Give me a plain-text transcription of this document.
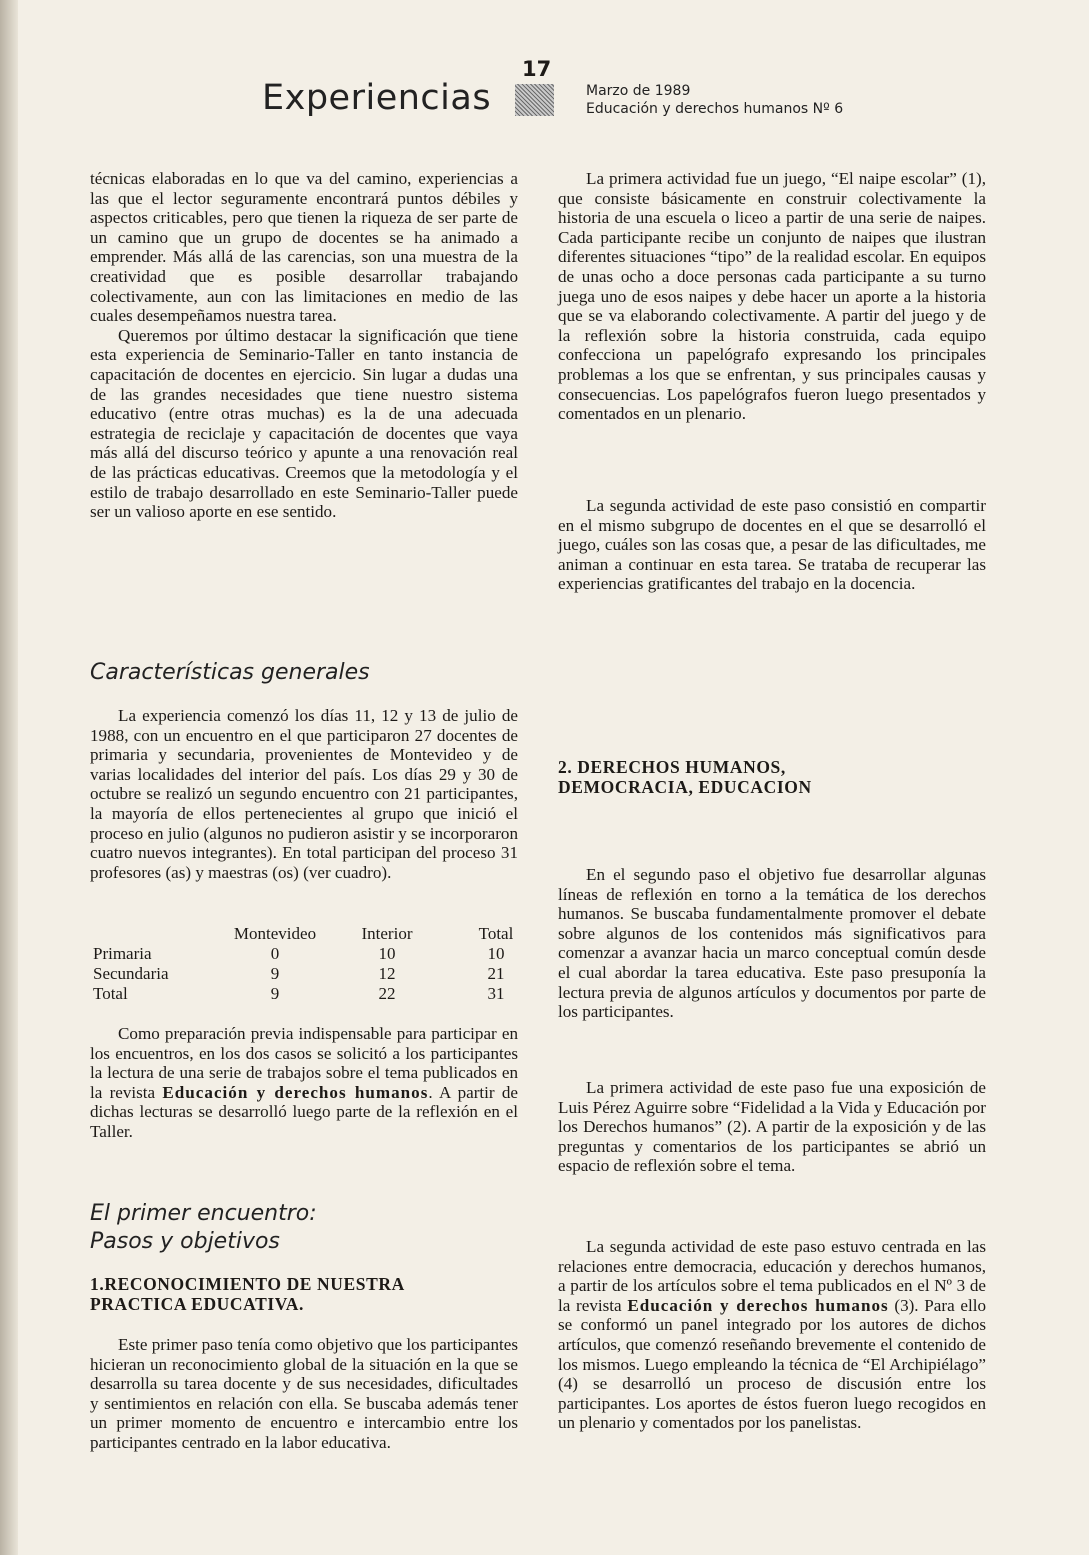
Experiencias
17
Marzo de 1989
Educación y derechos humanos Nº 6

técnicas elaboradas en lo que va del camino, experiencias a las que el lector seguramente encontrará puntos débiles y aspectos criticables, pero que tienen la riqueza de ser parte de un camino que un grupo de docentes se ha animado a emprender. Más allá de las carencias, son una muestra de la creatividad que es posible desarrollar trabajando colectivamente, aun con las limitaciones en medio de las cuales desempeñamos nuestra tarea.

Queremos por último destacar la significación que tiene esta experiencia de Seminario-Taller en tanto instancia de capacitación de docentes en ejercicio. Sin lugar a dudas una de las grandes necesidades que tiene nuestro sistema educativo (entre otras muchas) es la de una adecuada estrategia de reciclaje y capacitación de docentes que vaya más allá del discurso teórico y apunte a una renovación real de las prácticas educativas. Creemos que la metodología y el estilo de trabajo desarrollado en este Seminario-Taller puede ser un valioso aporte en ese sentido.

Características generales

La experiencia comenzó los días 11, 12 y 13 de julio de 1988, con un encuentro en el que participaron 27 docentes de primaria y secundaria, provenientes de Montevideo y de varias localidades del interior del país. Los días 29 y 30 de octubre se realizó un segundo encuentro con 21 participantes, la mayoría de ellos pertenecientes al grupo que inició el proceso en julio (algunos no pudieron asistir y se incorporaron cuatro nuevos integrantes). En total participan del proceso 31 profesores (as) y maestras (os) (ver cuadro).

	Montevideo	Interior	Total
Primaria	0	10	10
Secundaria	9	12	21
Total	9	22	31

Como preparación previa indispensable para participar en los encuentros, en los dos casos se solicitó a los participantes la lectura de una serie de trabajos sobre el tema publicados en la revista Educación y derechos humanos. A partir de dichas lecturas se desarrolló luego parte de la reflexión en el Taller.

El primer encuentro:
Pasos y objetivos
1.RECONOCIMIENTO DE NUESTRA
PRACTICA EDUCATIVA.

Este primer paso tenía como objetivo que los participantes hicieran un reconocimiento global de la situación en la que se desarrolla su tarea docente y de sus necesidades, dificultades y sentimientos en relación con ella. Se buscaba además tener un primer momento de encuentro e intercambio entre los participantes centrado en la labor educativa.

La primera actividad fue un juego, “El naipe escolar” (1), que consiste básicamente en construir colectivamente la historia de una escuela o liceo a partir de una serie de naipes. Cada participante recibe un conjunto de naipes que ilustran diferentes situaciones “tipo” de la realidad escolar. En equipos de unas ocho a doce personas cada participante a su turno juega uno de esos naipes y debe hacer un aporte a la historia que se va elaborando colectivamente. A partir del juego y de la reflexión sobre la historia construida, cada equipo confecciona un papelógrafo expresando los principales problemas a los que se enfrentan, y sus principales causas y consecuencias. Los papelógrafos fueron luego presentados y comentados en un plenario.

La segunda actividad de este paso consistió en compartir en el mismo subgrupo de docentes en el que se desarrolló el juego, cuáles son las cosas que, a pesar de las dificultades, me animan a continuar en esta tarea. Se trataba de recuperar las experiencias gratificantes del trabajo en la docencia.

2. DERECHOS HUMANOS,
DEMOCRACIA, EDUCACION

En el segundo paso el objetivo fue desarrollar algunas líneas de reflexión en torno a la temática de los derechos humanos. Se buscaba fundamentalmente promover el debate sobre algunos de los contenidos más significativos para comenzar a avanzar hacia un marco conceptual común desde el cual abordar la tarea educativa. Este paso presuponía la lectura previa de algunos artículos y documentos por parte de los participantes.

La primera actividad de este paso fue una exposición de Luis Pérez Aguirre sobre “Fidelidad a la Vida y Educación por los Derechos humanos” (2). A partir de la exposición y de las preguntas y comentarios de los participantes se abrió un espacio de reflexión sobre el tema.

La segunda actividad de este paso estuvo centrada en las relaciones entre democracia, educación y derechos humanos, a partir de los artículos sobre el tema publicados en el Nº 3 de la revista Educación y derechos humanos (3). Para ello se conformó un panel integrado por los autores de dichos artículos, que comenzó reseñando brevemente el contenido de los mismos. Luego empleando la técnica de “El Archipiélago” (4) se desarrolló un proceso de discusión entre los participantes. Los aportes de éstos fueron luego recogidos en un plenario y comentados por los panelistas.
